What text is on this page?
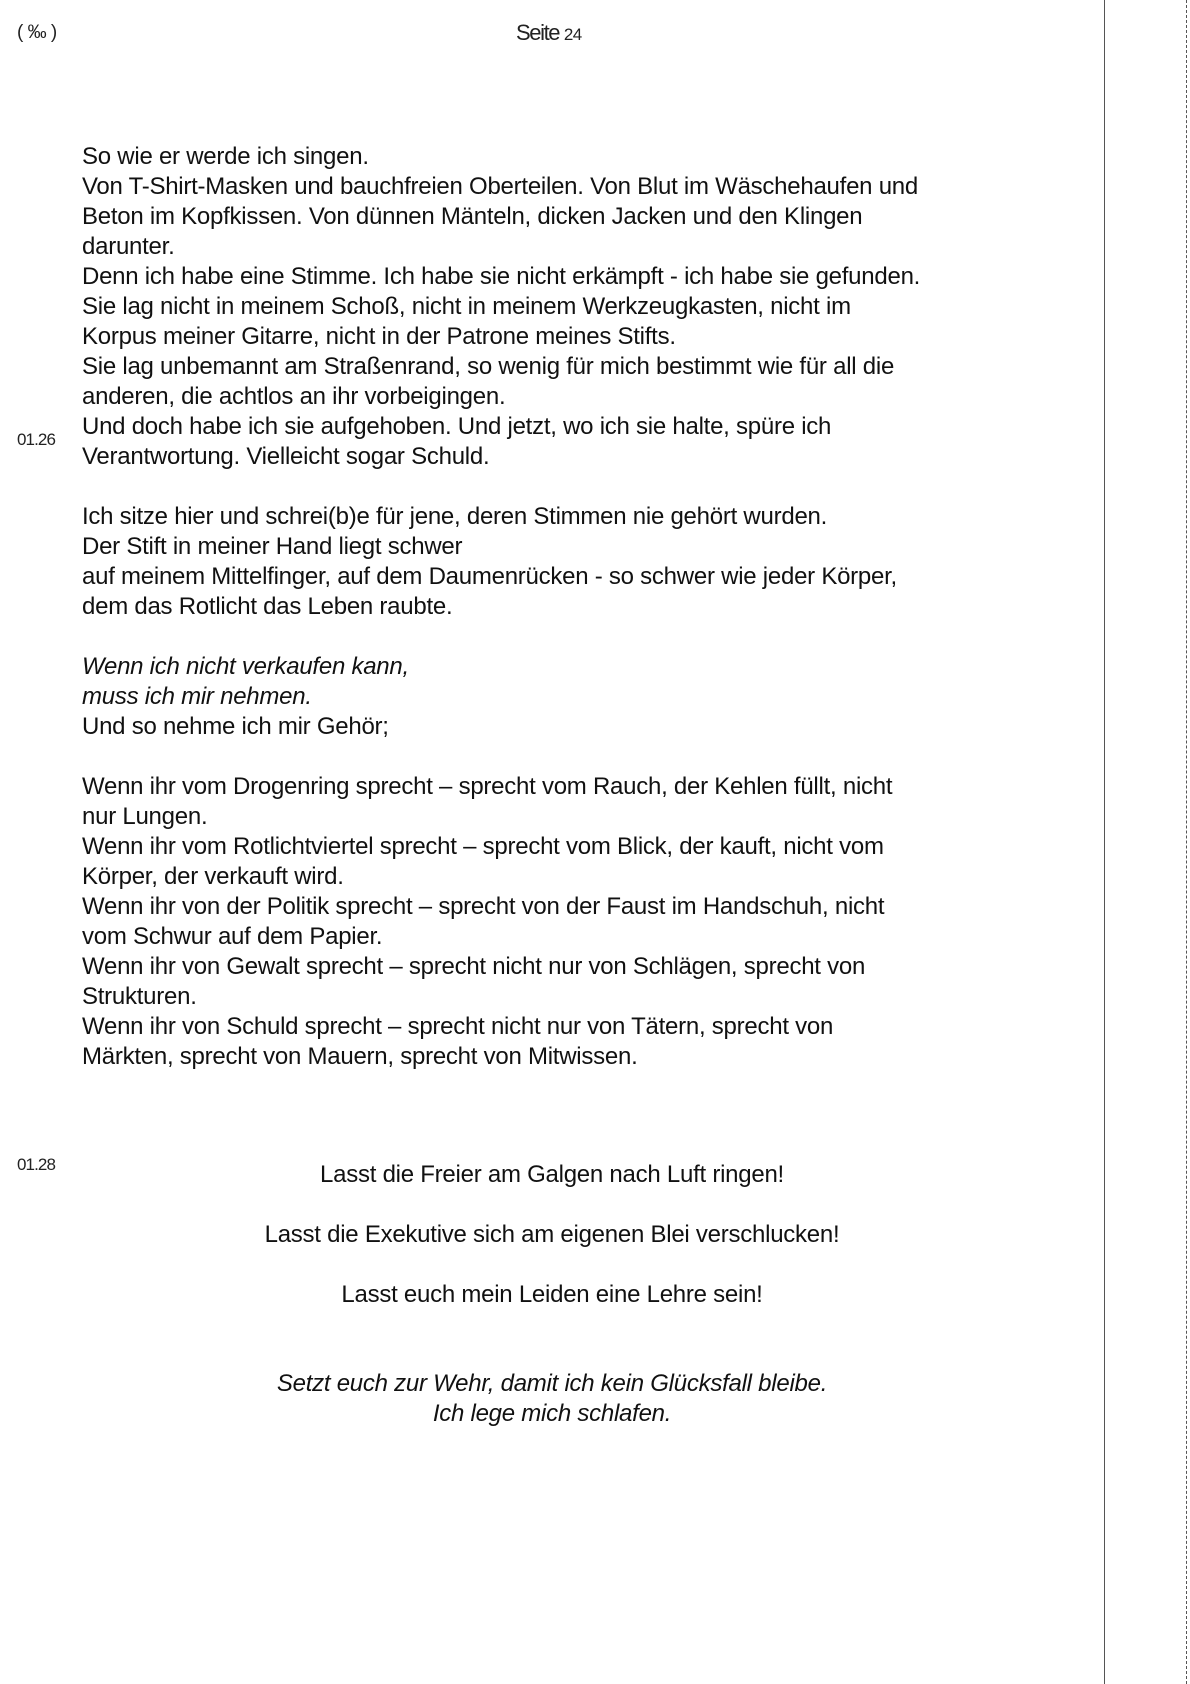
( ‰ )	Seite 24
01.26
01.28
So wie er werde ich singen.
Von T-Shirt-Masken und bauchfreien Oberteilen. Von Blut im Wäschehaufen und
Beton im Kopfkissen. Von dünnen Mänteln, dicken Jacken und den Klingen
darunter.
Denn ich habe eine Stimme. Ich habe sie nicht erkämpft - ich habe sie gefunden.
Sie lag nicht in meinem Schoß, nicht in meinem Werkzeugkasten, nicht im
Korpus meiner Gitarre, nicht in der Patrone meines Stifts.
Sie lag unbemannt am Straßenrand, so wenig für mich bestimmt wie für all die
anderen, die achtlos an ihr vorbeigingen.
Und doch habe ich sie aufgehoben. Und jetzt, wo ich sie halte, spüre ich
Verantwortung. Vielleicht sogar Schuld.
Ich sitze hier und schrei(b)e für jene, deren Stimmen nie gehört wurden.
Der Stift in meiner Hand liegt schwer
auf meinem Mittelfinger, auf dem Daumenrücken - so schwer wie jeder Körper,
dem das Rotlicht das Leben raubte.
Wenn ich nicht verkaufen kann,
muss ich mir nehmen.
Und so nehme ich mir Gehör;
Wenn ihr vom Drogenring sprecht – sprecht vom Rauch, der Kehlen füllt, nicht
nur Lungen.
Wenn ihr vom Rotlichtviertel sprecht – sprecht vom Blick, der kauft, nicht vom
Körper, der verkauft wird.
Wenn ihr von der Politik sprecht – sprecht von der Faust im Handschuh, nicht
vom Schwur auf dem Papier.
Wenn ihr von Gewalt sprecht – sprecht nicht nur von Schlägen, sprecht von
Strukturen.
Wenn ihr von Schuld sprecht – sprecht nicht nur von Tätern, sprecht von
Märkten, sprecht von Mauern, sprecht von Mitwissen.
Lasst die Freier am Galgen nach Luft ringen!
Lasst die Exekutive sich am eigenen Blei verschlucken!
Lasst euch mein Leiden eine Lehre sein!
Setzt euch zur Wehr, damit ich kein Glücksfall bleibe.
Ich lege mich schlafen.
